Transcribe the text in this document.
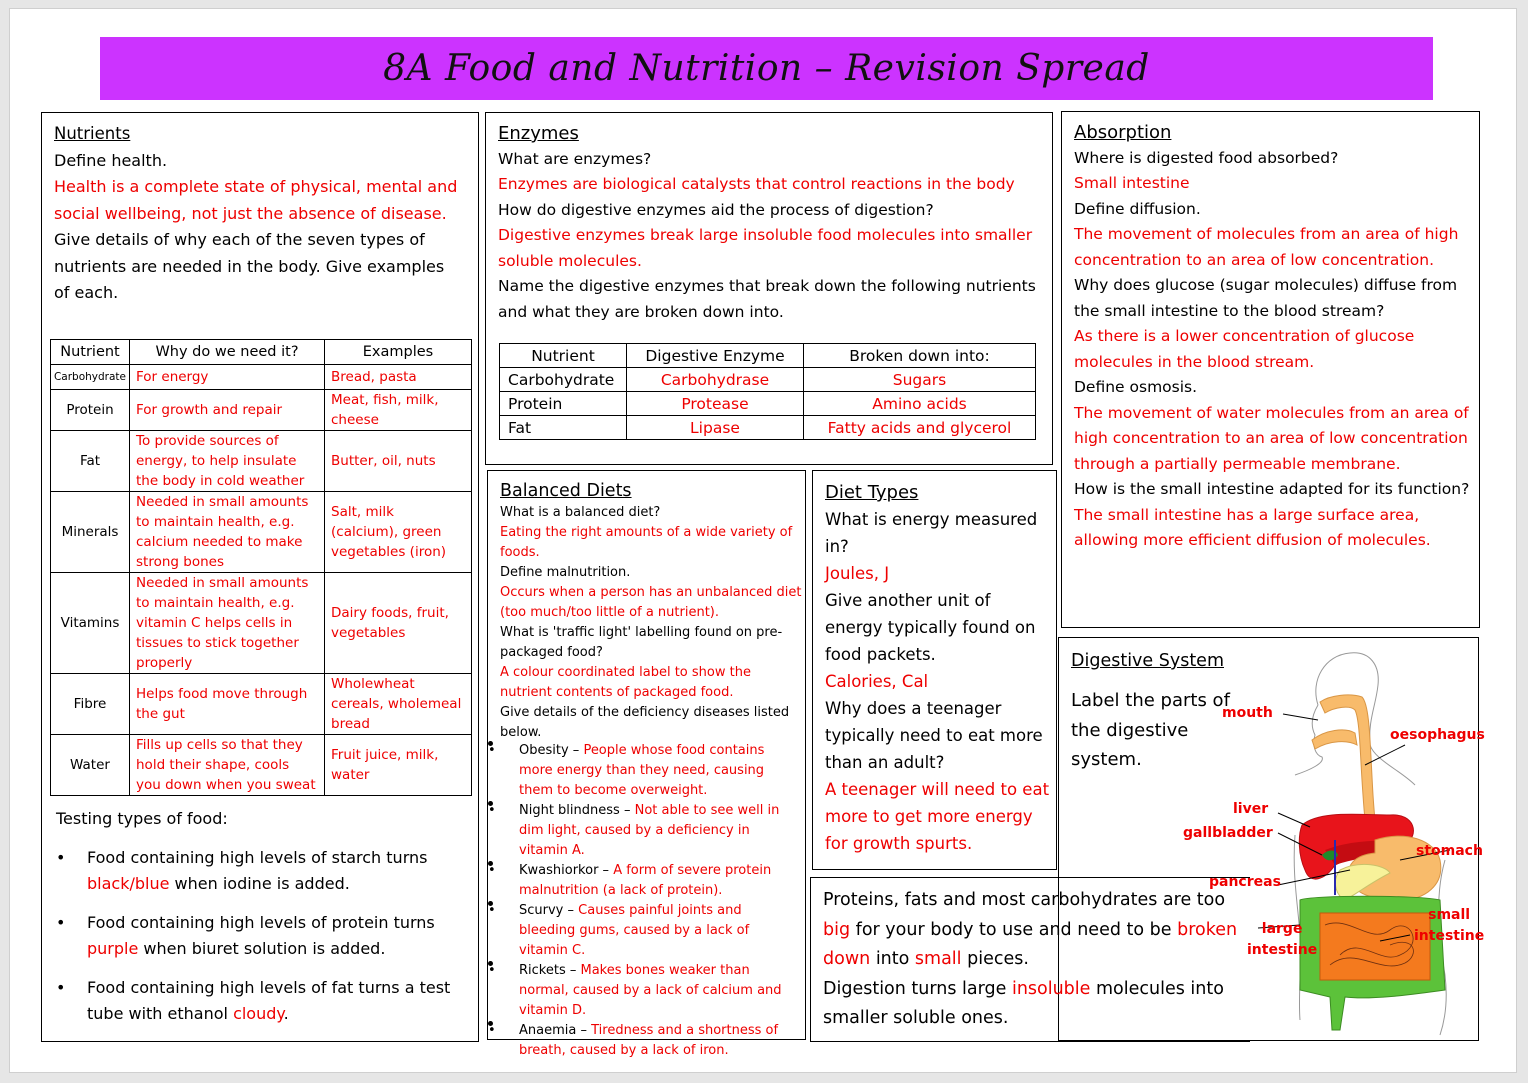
8A Food and Nutrition – Revision Spread
Nutrients
Define health.
Health is a complete state of physical, mental and social wellbeing, not just the absence of disease.
Give details of why each of the seven types of nutrients are needed in the body. Give examples of each.
Nutrient	Why do we need it?	Examples
Carbohydrate	For energy	Bread, pasta
Protein	For growth and repair	Meat, fish, milk, cheese
Fat	To provide sources of energy, to help insulate the body in cold weather	Butter, oil, nuts
Minerals	Needed in small amounts to maintain health, e.g. calcium needed to make strong bones	Salt, milk (calcium), green vegetables (iron)
Vitamins	Needed in small amounts to maintain health, e.g. vitamin C helps cells in tissues to stick together properly	Dairy foods, fruit, vegetables
Fibre	Helps food move through the gut	Wholewheat cereals, wholemeal bread
Water	Fills up cells so that they hold their shape, cools you down when you sweat	Fruit juice, milk, water
Testing types of food:
• Food containing high levels of starch turns black/blue when iodine is added.
• Food containing high levels of protein turns purple when biuret solution is added.
• Food containing high levels of fat turns a test tube with ethanol cloudy.
Enzymes
What are enzymes?
Enzymes are biological catalysts that control reactions in the body
How do digestive enzymes aid the process of digestion?
Digestive enzymes break large insoluble food molecules into smaller soluble molecules.
Name the digestive enzymes that break down the following nutrients and what they are broken down into.
Nutrient	Digestive Enzyme	Broken down into:
Carbohydrate	Carbohydrase	Sugars
Protein	Protease	Amino acids
Fat	Lipase	Fatty acids and glycerol
Balanced Diets
What is a balanced diet?
Eating the right amounts of a wide variety of foods.
Define malnutrition.
Occurs when a person has an unbalanced diet (too much/too little of a nutrient).
What is 'traffic light' labelling found on pre-packaged food?
A colour coordinated label to show the nutrient contents of packaged food.
Give details of the deficiency diseases listed below.
• Obesity – People whose food contains more energy than they need, causing them to become overweight.
• Night blindness – Not able to see well in dim light, caused by a deficiency in vitamin A.
• Kwashiorkor – A form of severe protein malnutrition (a lack of protein).
• Scurvy – Causes painful joints and bleeding gums, caused by a lack of vitamin C.
• Rickets – Makes bones weaker than normal, caused by a lack of calcium and vitamin D.
• Anaemia – Tiredness and a shortness of breath, caused by a lack of iron.
Diet Types
What is energy measured in?
Joules, J
Give another unit of energy typically found on food packets.
Calories, Cal
Why does a teenager typically need to eat more than an adult?
A teenager will need to eat more to get more energy for growth spurts.
Absorption
Where is digested food absorbed?
Small intestine
Define diffusion.
The movement of molecules from an area of high concentration to an area of low concentration.
Why does glucose (sugar molecules) diffuse from the small intestine to the blood stream?
As there is a lower concentration of glucose molecules in the blood stream.
Define osmosis.
The movement of water molecules from an area of high concentration to an area of low concentration through a partially permeable membrane.
How is the small intestine adapted for its function?
The small intestine has a large surface area, allowing more efficient diffusion of molecules.
Digestive System
Label the parts of the digestive system.
Proteins, fats and most carbohydrates are too big for your body to use and need to be broken down into small pieces.
Digestion turns large insoluble molecules into smaller soluble ones.
mouth
oesophagus
liver
gallbladder
stomach
pancreas
small
intestine
large
intestine
